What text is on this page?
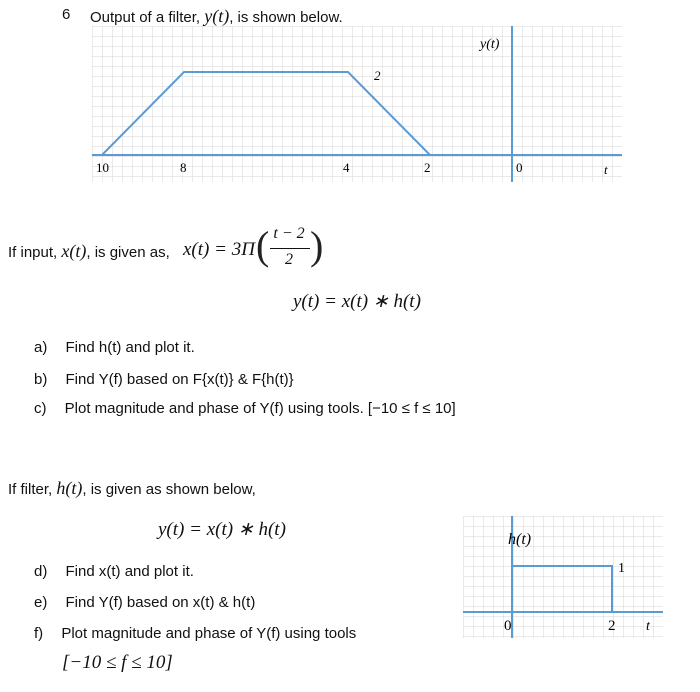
6 Output of a filter, y(t), is shown below.
10	8	4	2	0	t
2
y(t)
If input, x(t), is given as, x(t) = 3Π ( t − 2
2 )
y(t) = x(t) ∗ h(t)
a) Find h(t) and plot it.
b) Find Y(f) based on F{x(t)} & F{h(t)}
c) Plot magnitude and phase of Y(f) using tools. [−10 ≤ f ≤ 10]
If filter, h(t), is given as shown below,
y(t) = x(t) ∗ h(t)
d) Find x(t) and plot it.
e) Find Y(f) based on x(t) & h(t)
f) Plot magnitude and phase of Y(f) using tools
[−10 ≤ f ≤ 10]
h(t)
1
0	2 t
